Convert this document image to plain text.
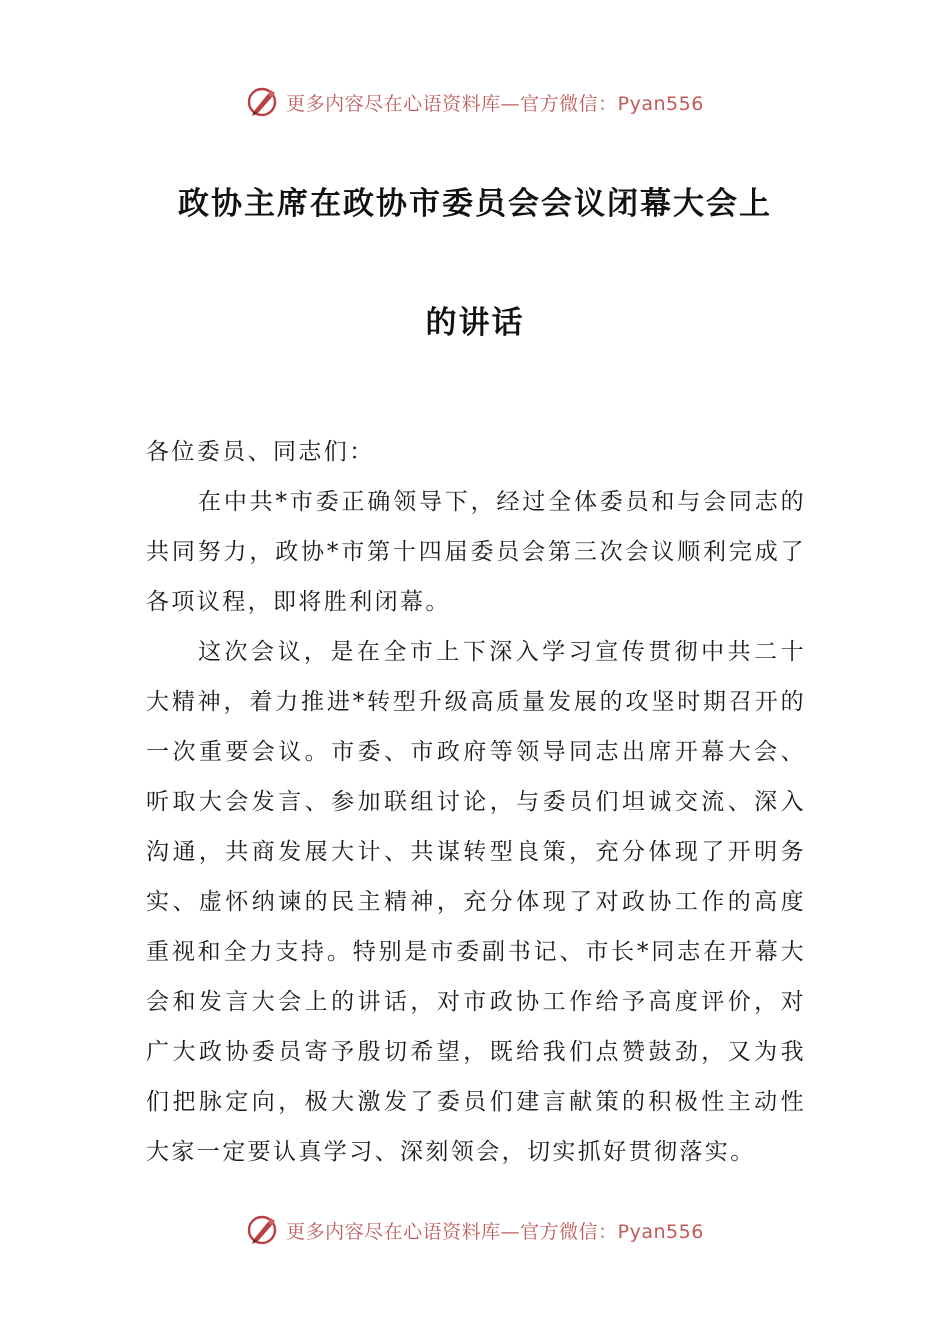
更多内容尽在心语资料库—官方微信：Pyan556
政协主席在政协市委员会会议闭幕大会上
的讲话

各位委员、同志们：

在中共*市委正确领导下，经过全体委员和与会同志的共同努力，政协*市第十四届委员会第三次会议顺利完成了各项议程，即将胜利闭幕。

这次会议，是在全市上下深入学习宣传贯彻中共二十大精神，着力推进*转型升级高质量发展的攻坚时期召开的一次重要会议。市委、市政府等领导同志出席开幕大会、听取大会发言、参加联组讨论，与委员们坦诚交流、深入沟通，共商发展大计、共谋转型良策，充分体现了开明务实、虚怀纳谏的民主精神，充分体现了对政协工作的高度重视和全力支持。特别是市委副书记、市长*同志在开幕大会和发言大会上的讲话，对市政协工作给予高度评价，对广大政协委员寄予殷切希望，既给我们点赞鼓劲，又为我们把脉定向，极大激发了委员们建言献策的积极性主动性大家一定要认真学习、深刻领会，切实抓好贯彻落实。

更多内容尽在心语资料库—官方微信：Pyan556
